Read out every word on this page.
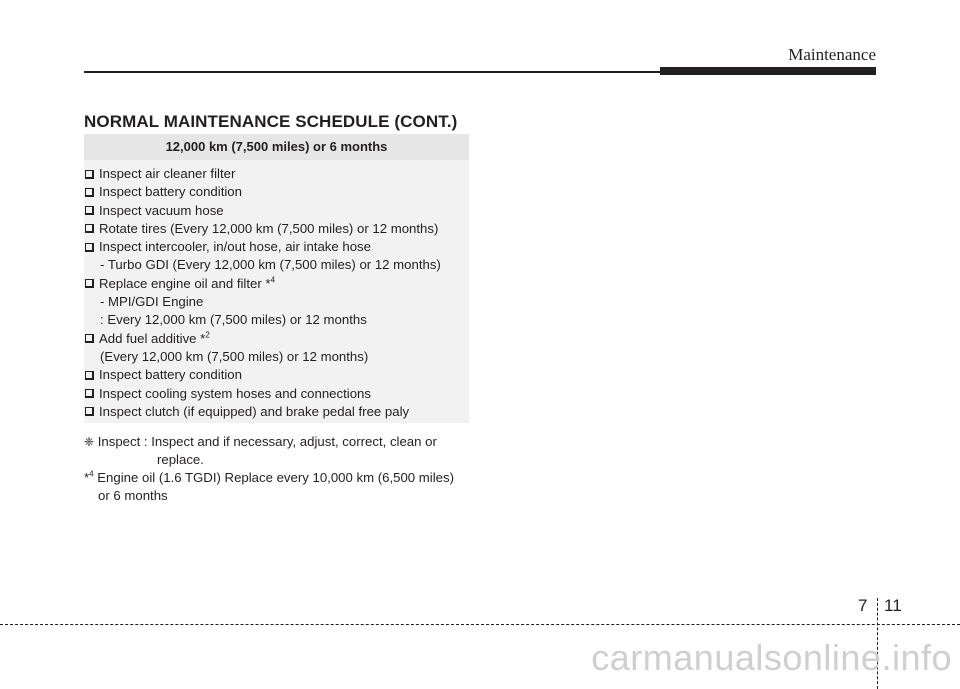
Maintenance
NORMAL MAINTENANCE SCHEDULE (CONT.)
12,000 km (7,500 miles) or 6 months
Inspect air cleaner filter
Inspect battery condition
Inspect vacuum hose
Rotate tires (Every 12,000 km (7,500 miles) or 12 months)
Inspect intercooler, in/out hose, air intake hose
- Turbo GDI (Every 12,000 km (7,500 miles) or 12 months)
Replace engine oil and filter *$^4$
- MPI/GDI Engine
: Every 12,000 km (7,500 miles) or 12 months
Add fuel additive *$^2$
(Every 12,000 km (7,500 miles) or 12 months)
Inspect battery condition
Inspect cooling system hoses and connections
Inspect clutch (if equipped) and brake pedal free paly
❈ Inspect : Inspect and if necessary, adjust, correct, clean or
replace.
*$^4$ Engine oil (1.6 TGDI) Replace every 10,000 km (6,500 miles)
or 6 months
7 11
carmanualsonline.info
